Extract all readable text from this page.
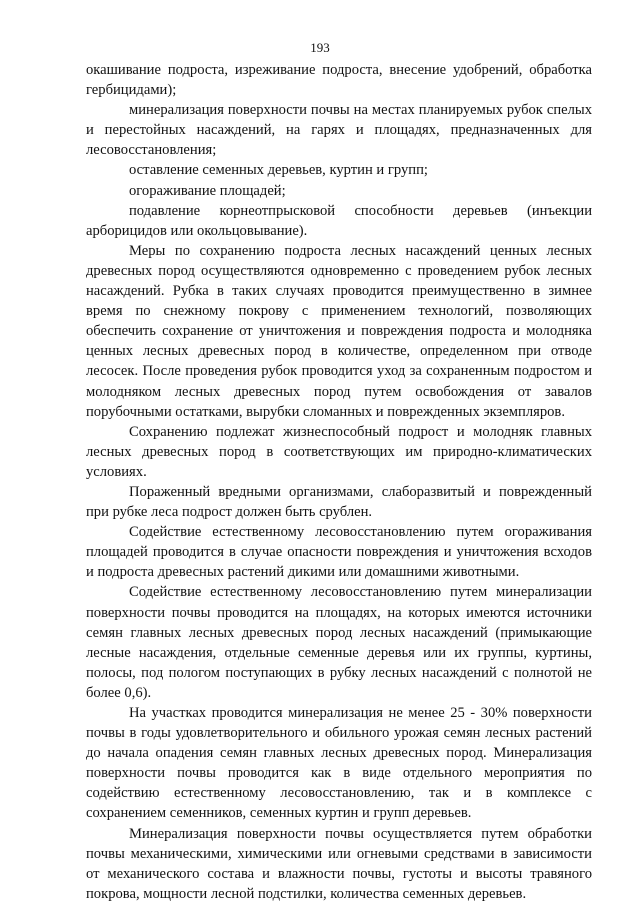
193

окашивание подроста, изреживание подроста, внесение удобрений, обработка гербицидами);

минерализация поверхности почвы на местах планируемых рубок спелых и перестойных насаждений, на гарях и площадях, предназначенных для лесовосстановления;

оставление семенных деревьев, куртин и групп;

огораживание площадей;

подавление корнеотпрысковой способности деревьев (инъекции арборицидов или окольцовывание).

Меры по сохранению подроста лесных насаждений ценных лесных древесных пород осуществляются одновременно с проведением рубок лесных насаждений. Рубка в таких случаях проводится преимущественно в зимнее время по снежному покрову с применением технологий, позволяющих обеспечить сохранение от уничтожения и повреждения подроста и молодняка ценных лесных древесных пород в количестве, определенном при отводе лесосек. После проведения рубок проводится уход за сохраненным подростом и молодняком лесных древесных пород путем освобождения от завалов порубочными остатками, вырубки сломанных и поврежденных экземпляров.

Сохранению подлежат жизнеспособный подрост и молодняк главных лесных древесных пород в соответствующих им природно-климатических условиях.

Пораженный вредными организмами, слаборазвитый и поврежденный при рубке леса подрост должен быть срублен.

Содействие естественному лесовосстановлению путем огораживания площадей проводится в случае опасности повреждения и уничтожения всходов и подроста древесных растений дикими или домашними животными.

Содействие естественному лесовосстановлению путем минерализации поверхности почвы проводится на площадях, на которых имеются источники семян главных лесных древесных пород лесных насаждений (примыкающие лесные насаждения, отдельные семенные деревья или их группы, куртины, полосы, под пологом поступающих в рубку лесных насаждений с полнотой не более 0,6).

На участках проводится минерализация не менее 25 - 30% поверхности почвы в годы удовлетворительного и обильного урожая семян лесных растений до начала опадения семян главных лесных древесных пород. Минерализация поверхности почвы проводится как в виде отдельного мероприятия по содействию естественному лесовосстановлению, так и в комплексе с сохранением семенников, семенных куртин и групп деревьев.

Минерализация поверхности почвы осуществляется путем обработки почвы механическими, химическими или огневыми средствами в зависимости от механического состава и влажности почвы, густоты и высоты травяного покрова, мощности лесной подстилки, количества семенных деревьев.
